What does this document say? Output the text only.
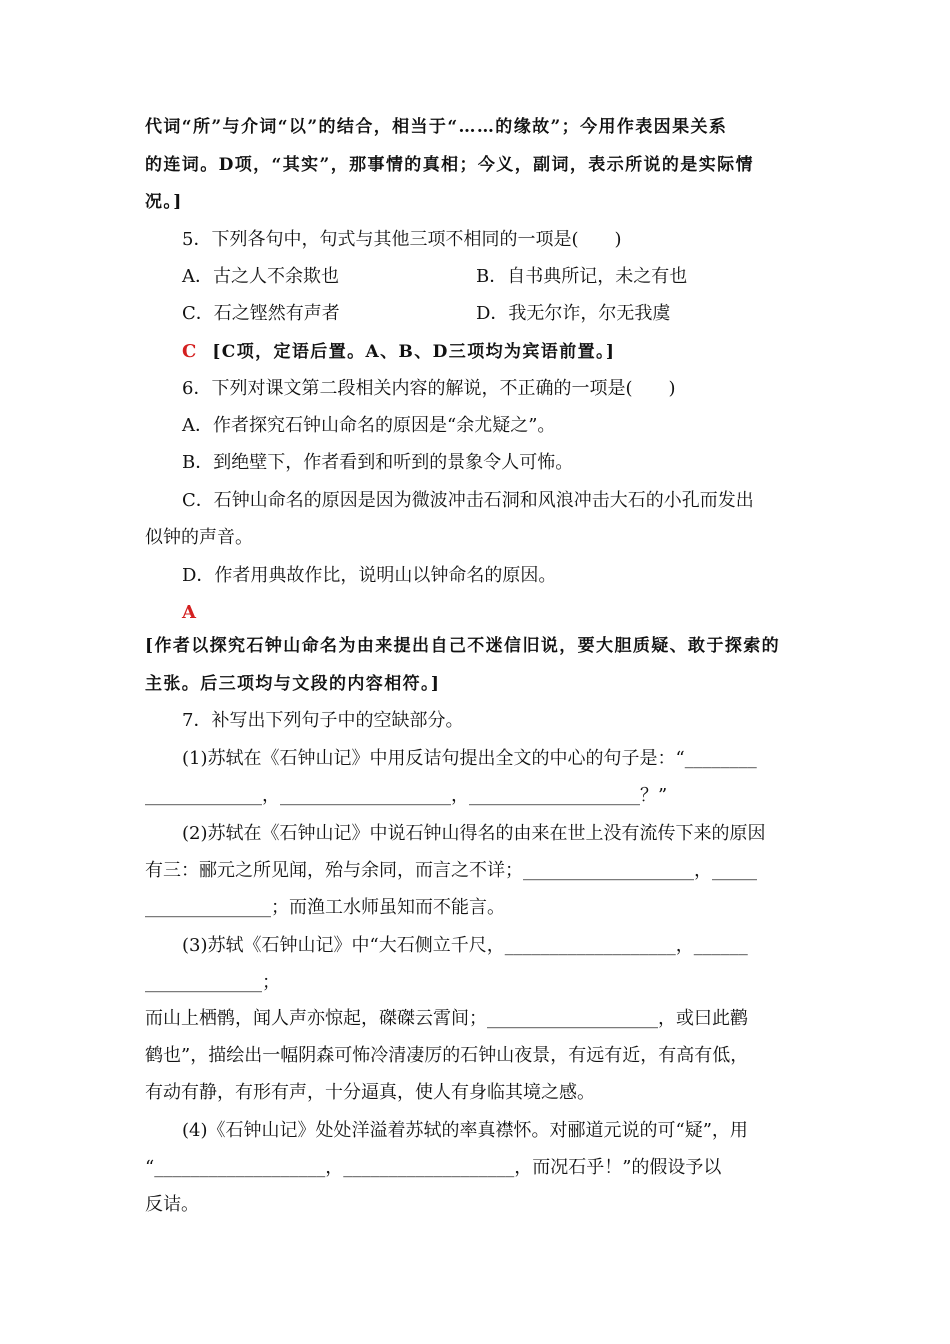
代词“所”与介词“以”的结合，相当于“……的缘故”；今用作表因果关系
的连词。D项，“其实”，那事情的真相；今义，副词，表示所说的是实际情
况。]
5．下列各句中，句式与其他三项不相同的一项是(　　)
A．古之人不余欺也	B．自书典所记，未之有也
C．石之铿然有声者	D．我无尔诈，尔无我虞
C [C项，定语后置。A、B、D三项均为宾语前置。]
6．下列对课文第二段相关内容的解说，不正确的一项是(　　)
A．作者探究石钟山命名的原因是“余尤疑之”。
B．到绝壁下，作者看到和听到的景象令人可怖。
C．石钟山命名的原因是因为微波冲击石洞和风浪冲击大石的小孔而发出
似钟的声音。
D．作者用典故作比，说明山以钟命名的原因。
A
[作者以探究石钟山命名为由来提出自己不迷信旧说，要大胆质疑、敢于探索的
主张。后三项均与文段的内容相符。]
7．补写出下列句子中的空缺部分。
(1)苏轼在《石钟山记》中用反诘句提出全文的中心的句子是：“________
_____________，___________________，___________________？”
(2)苏轼在《石钟山记》中说石钟山得名的由来在世上没有流传下来的原因
有三：郦元之所见闻，殆与余同，而言之不详；___________________，_____
______________；而渔工水师虽知而不能言。
(3)苏轼《石钟山记》中“大石侧立千尺，___________________，______
_____________；
而山上栖鹘，闻人声亦惊起，磔磔云霄间；___________________，或曰此鹳
鹤也”，描绘出一幅阴森可怖冷清凄厉的石钟山夜景，有远有近，有高有低，
有动有静，有形有声，十分逼真，使人有身临其境之感。
(4)《石钟山记》处处洋溢着苏轼的率真襟怀。对郦道元说的可“疑”，用
“___________________，___________________，而况石乎！”的假设予以
反诘。
